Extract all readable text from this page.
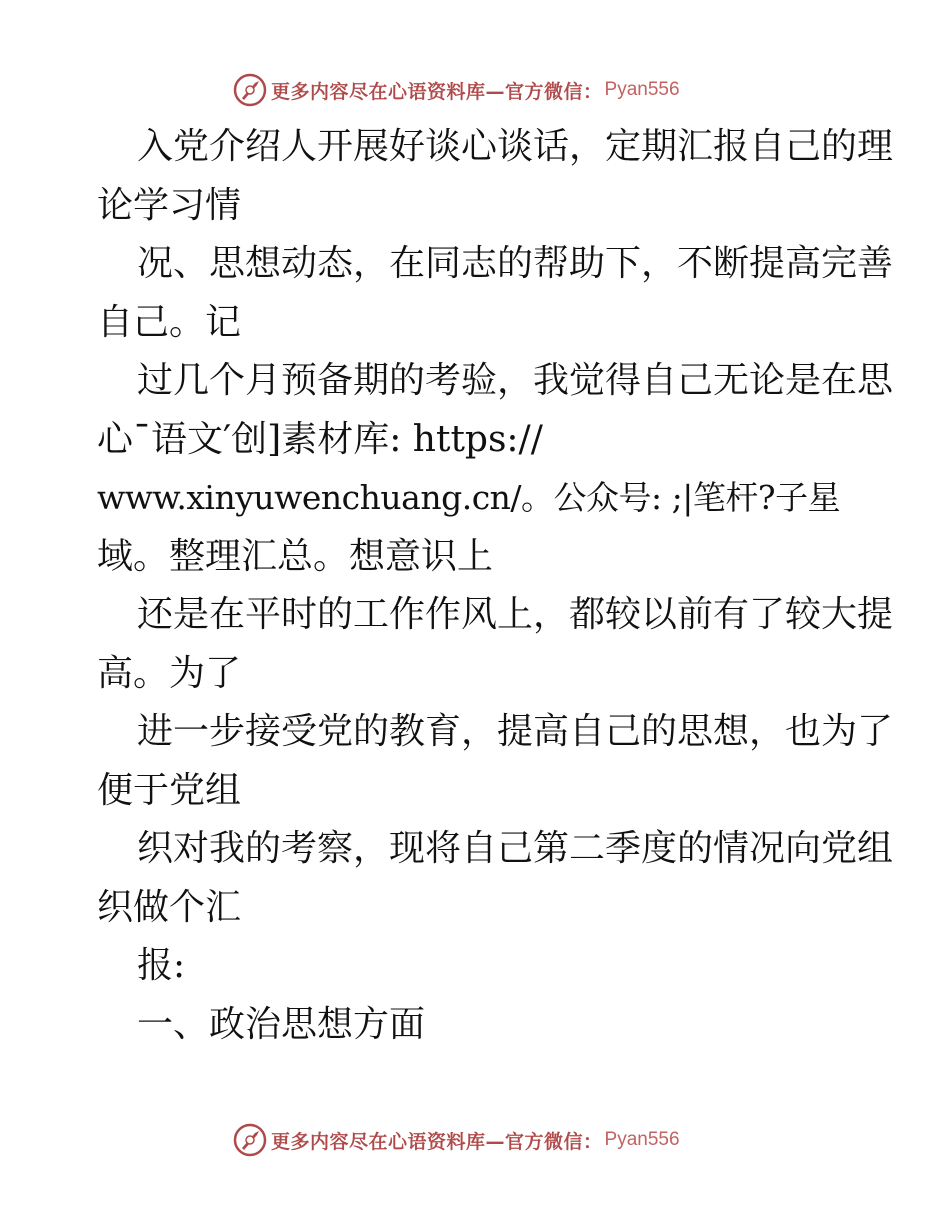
更多内容尽在心语资料库—官方微信： Pyan556
入党介绍人开展好谈心谈话，定期汇报自己的理
论学习情
况、思想动态，在同志的帮助下，不断提高完善
自己。记
过几个月预备期的考验，我觉得自己无论是在思
心¯语文′创]素材库: https://
www.xinyuwenchuang.cn/。公众号: ;|笔杆?子星
域。整理汇总。想意识上
还是在平时的工作作风上，都较以前有了较大提
高。为了
进一步接受党的教育，提高自己的思想，也为了
便于党组
织对我的考察，现将自己第二季度的情况向党组
织做个汇
报:
一、政治思想方面
更多内容尽在心语资料库—官方微信： Pyan556
